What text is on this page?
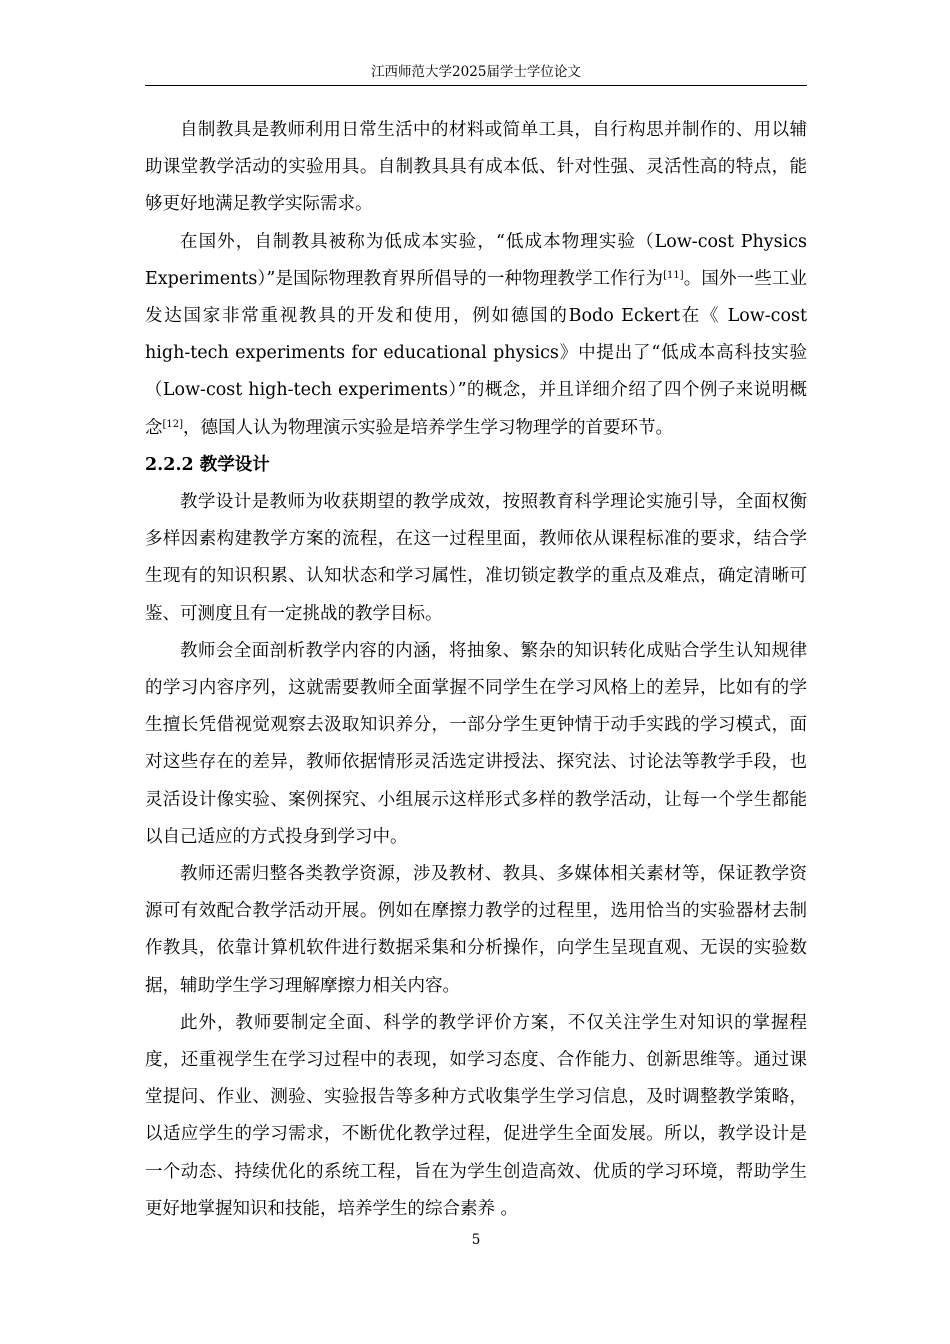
江西师范大学2025届学士学位论文

自制教具是教师利用日常生活中的材料或简单工具，自行构思并制作的、用以辅助课堂教学活动的实验用具。自制教具具有成本低、针对性强、灵活性高的特点，能够更好地满足教学实际需求。

在国外，自制教具被称为低成本实验，“低成本物理实验（Low-cost Physics Experiments）”是国际物理教育界所倡导的一种物理教学工作行为[11]。国外一些工业发达国家非常重视教具的开发和使用，例如德国的Bodo Eckert在《 Low-cost high-tech experiments for educational physics》中提出了“低成本高科技实验 （Low-cost high-tech experiments）”的概念，并且详细介绍了四个例子来说明概念[12]，德国人认为物理演示实验是培养学生学习物理学的首要环节。

2.2.2 教学设计

教学设计是教师为收获期望的教学成效，按照教育科学理论实施引导，全面权衡多样因素构建教学方案的流程，在这一过程里面，教师依从课程标准的要求，结合学生现有的知识积累、认知状态和学习属性，准切锁定教学的重点及难点，确定清晰可鉴、可测度且有一定挑战的教学目标。

教师会全面剖析教学内容的内涵，将抽象、繁杂的知识转化成贴合学生认知规律的学习内容序列，这就需要教师全面掌握不同学生在学习风格上的差异，比如有的学生擅长凭借视觉观察去汲取知识养分，一部分学生更钟情于动手实践的学习模式，面对这些存在的差异，教师依据情形灵活选定讲授法、探究法、讨论法等教学手段，也灵活设计像实验、案例探究、小组展示这样形式多样的教学活动，让每一个学生都能以自己适应的方式投身到学习中。

教师还需归整各类教学资源，涉及教材、教具、多媒体相关素材等，保证教学资源可有效配合教学活动开展。例如在摩擦力教学的过程里，选用恰当的实验器材去制作教具，依靠计算机软件进行数据采集和分析操作，向学生呈现直观、无误的实验数据，辅助学生学习理解摩擦力相关内容。

此外，教师要制定全面、科学的教学评价方案，不仅关注学生对知识的掌握程度，还重视学生在学习过程中的表现，如学习态度、合作能力、创新思维等。通过课堂提问、作业、测验、实验报告等多种方式收集学生学习信息，及时调整教学策略，以适应学生的学习需求，不断优化教学过程，促进学生全面发展。所以，教学设计是一个动态、持续优化的系统工程，旨在为学生创造高效、优质的学习环境，帮助学生更好地掌握知识和技能，培养学生的综合素养 。

5
